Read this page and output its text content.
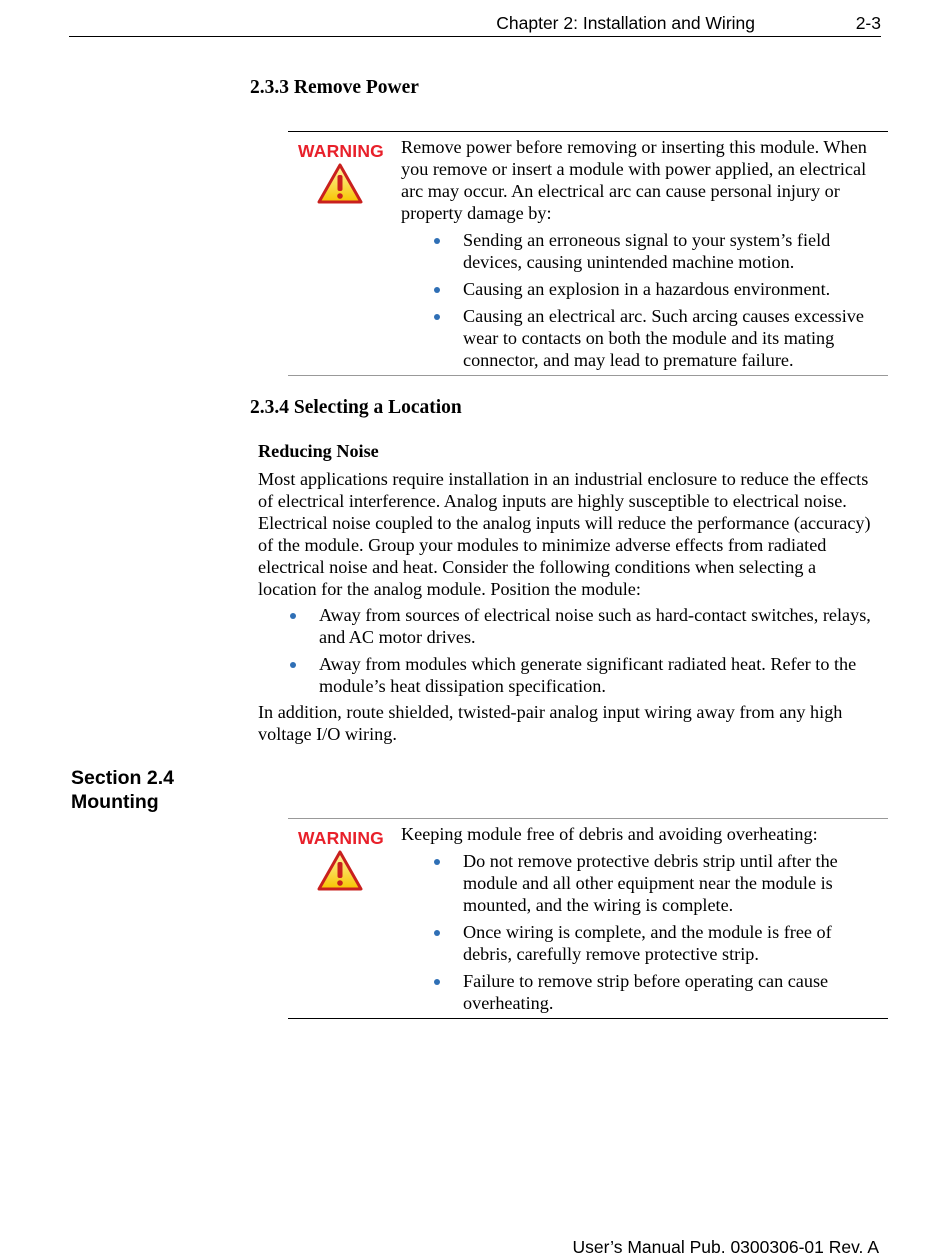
Chapter 2: Installation and Wiring	2-3
2.3.3 Remove Power
WARNING Remove power before removing or inserting this module. When you remove or insert a module with power applied, an electrical arc may occur. An electrical arc can cause personal injury or property damage by:

Sending an erroneous signal to your system’s field devices, causing unintended machine motion.
Causing an explosion in a hazardous environment.
Causing an electrical arc. Such arcing causes excessive wear to contacts on both the module and its mating connector, and may lead to premature failure.
2.3.4 Selecting a Location
Reducing Noise

Most applications require installation in an industrial enclosure to reduce the effects of electrical interference. Analog inputs are highly susceptible to electrical noise. Electrical noise coupled to the analog inputs will reduce the performance (accuracy) of the module. Group your modules to minimize adverse effects from radiated electrical noise and heat. Consider the following conditions when selecting a location for the analog module. Position the module:

Away from sources of electrical noise such as hard-contact switches, relays, and AC motor drives.
Away from modules which generate significant radiated heat. Refer to the module’s heat dissipation specification.

In addition, route shielded, twisted-pair analog input wiring away from any high voltage I/O wiring.

Section 2.4
Mounting
WARNING Keeping module free of debris and avoiding overheating:

Do not remove protective debris strip until after the module and all other equipment near the module is mounted, and the wiring is complete.
Once wiring is complete, and the module is free of debris, carefully remove protective strip.
Failure to remove strip before operating can cause overheating.
User’s Manual Pub. 0300306-01 Rev. A
